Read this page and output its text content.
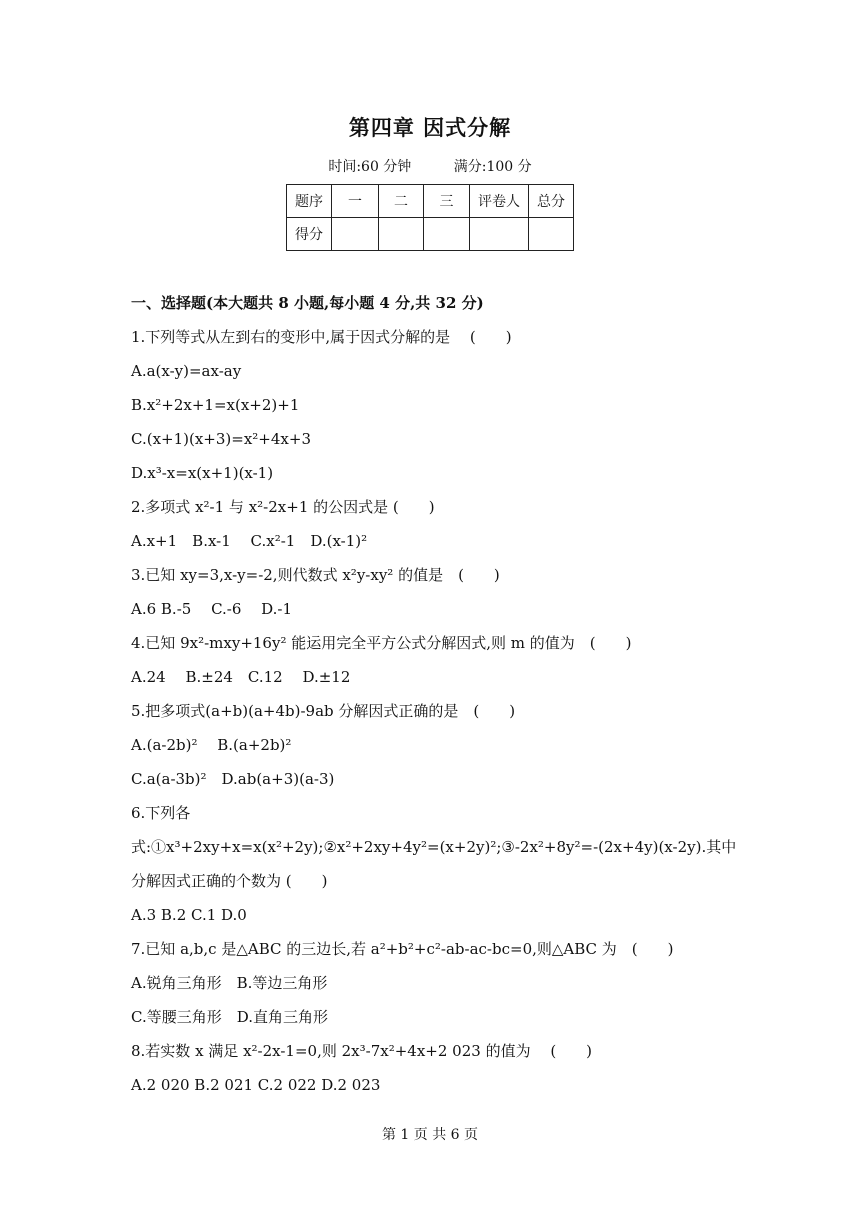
第四章 因式分解
时间:60 分钟	满分:100 分
题序	一	二	三	评卷人	总分
得分					
一、选择题(本大题共 8 小题,每小题 4 分,共 32 分)
1.下列等式从左到右的变形中,属于因式分解的是　 (　　)
A.a(x-y)=ax-ay
B.x²+2x+1=x(x+2)+1
C.(x+1)(x+3)=x²+4x+3
D.x³-x=x(x+1)(x-1)
2.多项式 x²-1 与 x²-2x+1 的公因式是 (　　)
A.x+1　B.x-1　 C.x²-1　D.(x-1)²
3.已知 xy=3,x-y=-2,则代数式 x²y-xy² 的值是　(　　)
A.6 B.-5　 C.-6　 D.-1
4.已知 9x²-mxy+16y² 能运用完全平方公式分解因式,则 m 的值为　(　　)
A.24　 B.±24　C.12　 D.±12
5.把多项式(a+b)(a+4b)-9ab 分解因式正确的是　(　　)
A.(a-2b)²　 B.(a+2b)²
C.a(a-3b)²　D.ab(a+3)(a-3)
6.下列各
式:①x³+2xy+x=x(x²+2y);②x²+2xy+4y²=(x+2y)²;③-2x²+8y²=-(2x+4y)(x-2y).其中
分解因式正确的个数为 (　　)
A.3 B.2 C.1 D.0
7.已知 a,b,c 是△ABC 的三边长,若 a²+b²+c²-ab-ac-bc=0,则△ABC 为　(　　)
A.锐角三角形　B.等边三角形
C.等腰三角形　D.直角三角形
8.若实数 x 满足 x²-2x-1=0,则 2x³-7x²+4x+2 023 的值为　 (　　)
A.2 020 B.2 021 C.2 022 D.2 023
第 1 页 共 6 页
